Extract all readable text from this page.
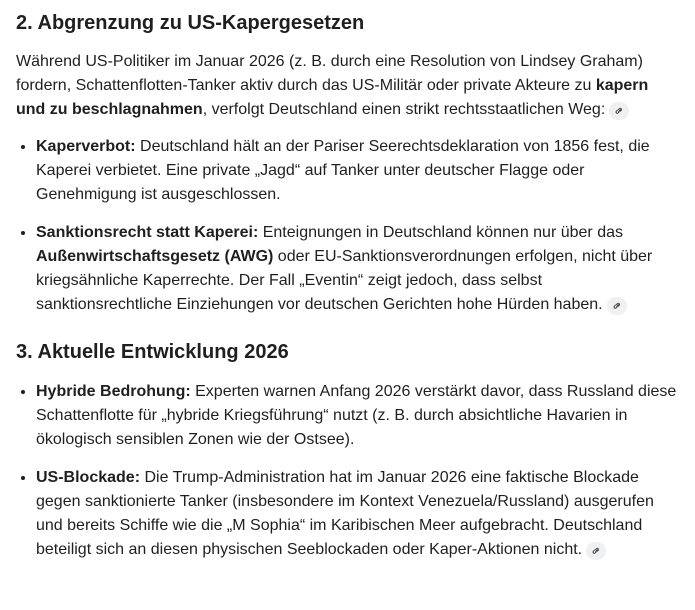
2. Abgrenzung zu US-Kapergesetzen

Während US-Politiker im Januar 2026 (z. B. durch eine Resolution von Lindsey Graham) fordern, Schattenflotten-Tanker aktiv durch das US-Militär oder private Akteure zu kapern und zu beschlagnahmen, verfolgt Deutschland einen strikt rechtsstaatlichen Weg:

• Kaperverbot: Deutschland hält an der Pariser Seerechtsdeklaration von 1856 fest, die Kaperei verbietet. Eine private „Jagd“ auf Tanker unter deutscher Flagge oder Genehmigung ist ausgeschlossen.
• Sanktionsrecht statt Kaperei: Enteignungen in Deutschland können nur über das Außenwirtschaftsgesetz (AWG) oder EU-Sanktionsverordnungen erfolgen, nicht über kriegsähnliche Kaperrechte. Der Fall „Eventin“ zeigt jedoch, dass selbst sanktionsrechtliche Einziehungen vor deutschen Gerichten hohe Hürden haben.
3. Aktuelle Entwicklung 2026
• Hybride Bedrohung: Experten warnen Anfang 2026 verstärkt davor, dass Russland diese Schattenflotte für „hybride Kriegsführung“ nutzt (z. B. durch absichtliche Havarien in ökologisch sensiblen Zonen wie der Ostsee).
• US-Blockade: Die Trump-Administration hat im Januar 2026 eine faktische Blockade gegen sanktionierte Tanker (insbesondere im Kontext Venezuela/Russland) ausgerufen und bereits Schiffe wie die „M Sophia“ im Karibischen Meer aufgebracht. Deutschland beteiligt sich an diesen physischen Seeblockaden oder Kaper-Aktionen nicht.
